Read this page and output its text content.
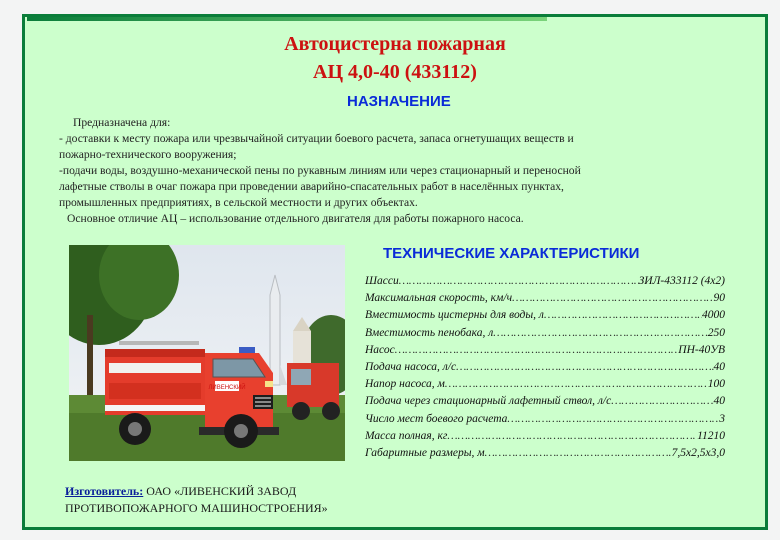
Автоцистерна пожарная
АЦ 4,0-40 (433112)
НАЗНАЧЕНИЕ
Предназначена для:
- доставки к месту пожара или чрезвычайной ситуации боевого расчета, запаса огнетушащих веществ и
пожарно-технического вооружения;
-подачи воды, воздушно-механической пены по рукавным линиям или через стационарный и переносной
лафетные стволы в очаг пожара при проведении аварийно-спасательных работ в населённых пунктах,
промышленных предприятиях, в сельской местности и других объектах.
Основное отличие АЦ – использование отдельного двигателя для работы пожарного насоса.
ЛИВЕНСКИЙ
ТЕХНИЧЕСКИЕ ХАРАКТЕРИСТИКИ
Шасси ……………………………………………………………………………………………………	ЗИЛ-433112 (4х2)
Максимальная скорость, км/ч ……………………………………………………………………………………………………	90
Вместимость цистерны для воды, л ……………………………………………………………………………………………………	4000
Вместимость пенобака, л ……………………………………………………………………………………………………	250
Насос ……………………………………………………………………………………………………	ПН-40УВ
Подача насоса, л/с ……………………………………………………………………………………………………	40
Напор насоса, м ……………………………………………………………………………………………………	100
Подача через стационарный лафетный ствол, л/с ……………………………………………………………………………………………………	40
Число мест боевого расчета ……………………………………………………………………………………………………	3
Масса полная, кг ……………………………………………………………………………………………………	11210
Габаритные размеры, м ……………………………………………………………………………………………………	7,5х2,5х3,0
Изготовитель: ОАО «ЛИВЕНСКИЙ ЗАВОД
ПРОТИВОПОЖАРНОГО МАШИНОСТРОЕНИЯ»
